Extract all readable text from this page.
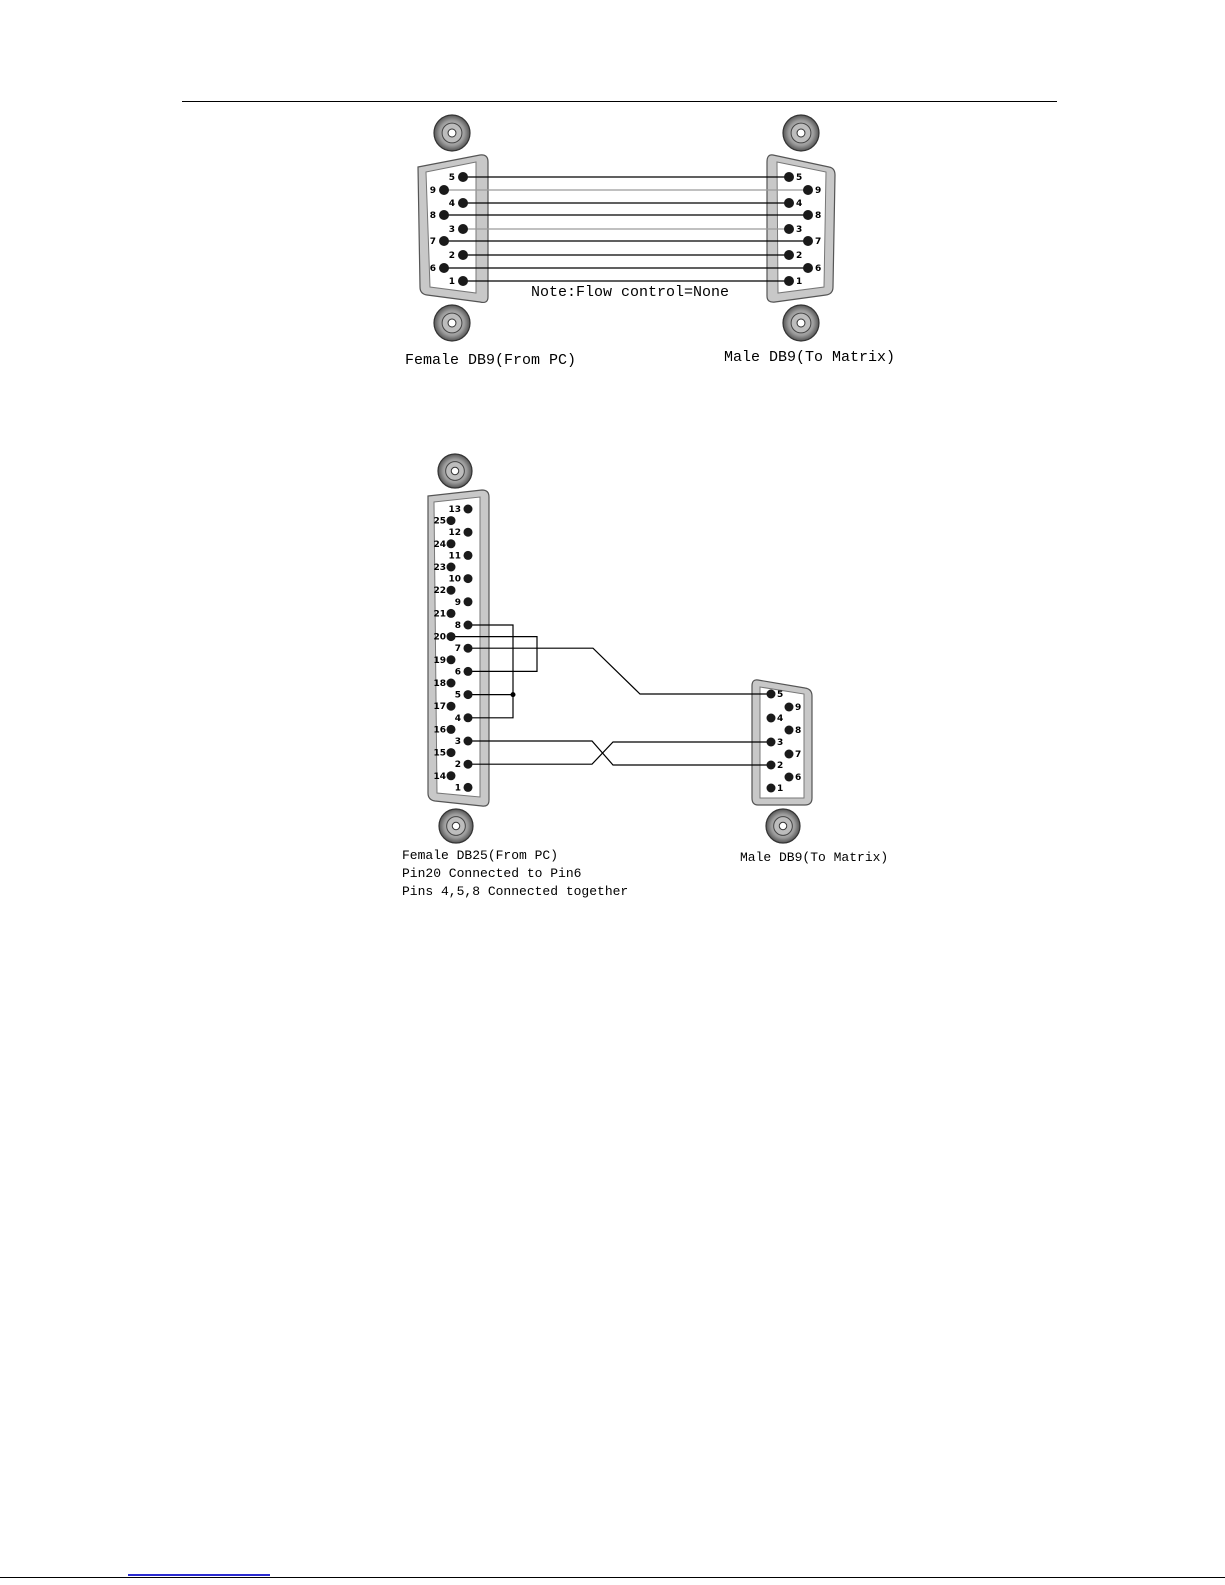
5
9
4
8
3
7
2
6
1
5
9
4
8
3
7
2
6
1
13
25
12
24
11
23
10
22
9
21
8
20
7
19
6
18
5
17
4
16
3
15
2
14
1
5
9
4
8
3
7
2
6
1
Note:Flow control=None
Female DB9(From PC)	Male DB9(To Matrix)
Female DB25(From PC)
Pin20 Connected to Pin6
Pins 4,5,8 Connected together
Male DB9(To Matrix)
